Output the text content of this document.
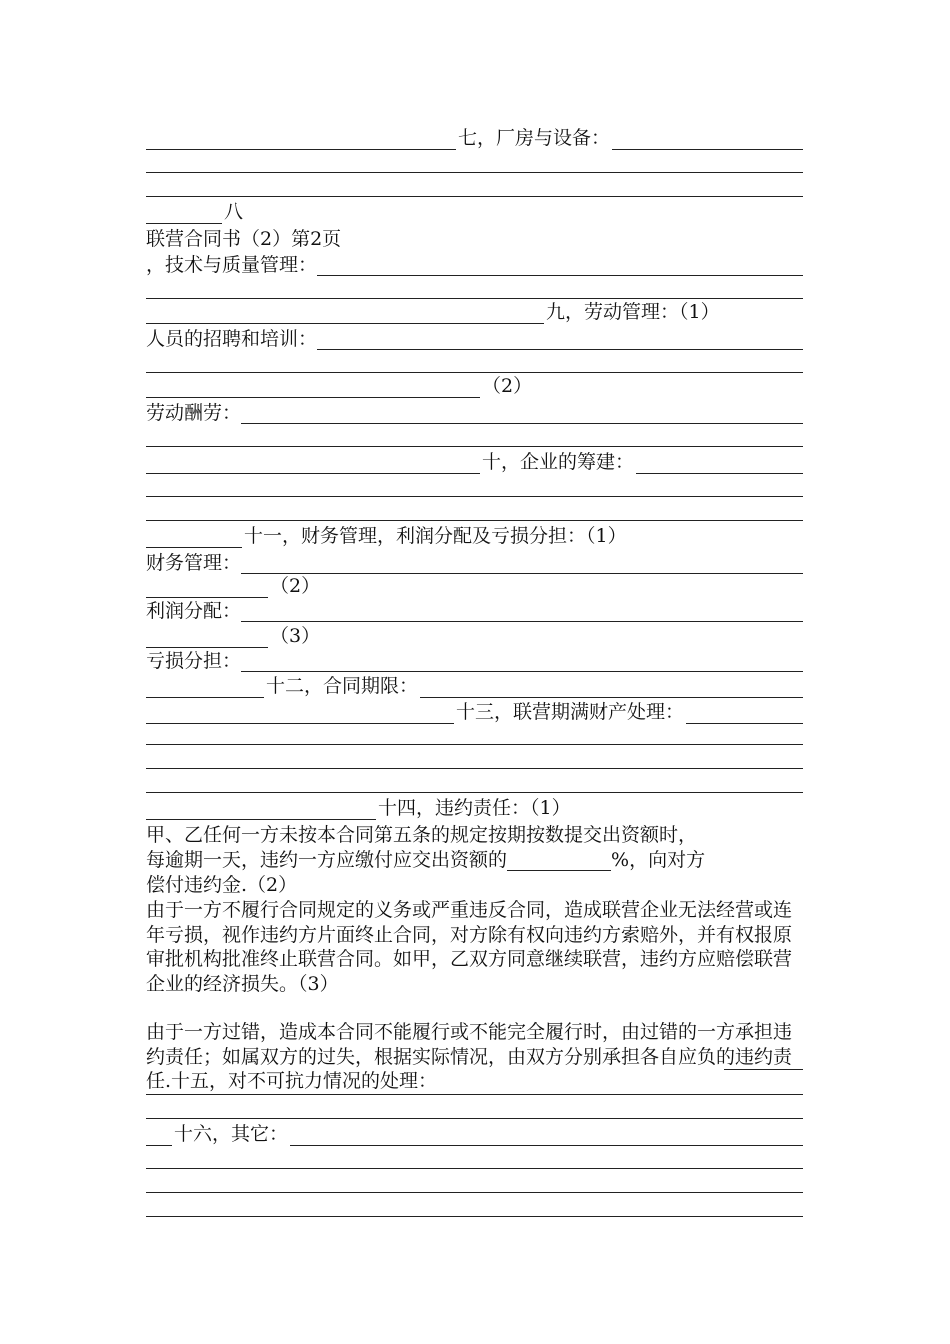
七，厂房与设备：
八
联营合同书（2）第2页
，技术与质量管理：
九，劳动管理：（1）
人员的招聘和培训：
（2）
劳动酬劳：
十，企业的筹建：
十一，财务管理，利润分配及亏损分担：（1）
财务管理：
（2）
利润分配：
（3）
亏损分担：
十二，合同期限：
十三，联营期满财产处理：
十四，违约责任：（1）
甲、乙任何一方未按本合同第五条的规定按期按数提交出资额时，
每逾期一天，违约一方应缴付应交出资额的	%，向对方
偿付违约金.（2）
由于一方不履行合同规定的义务或严重违反合同，造成联营企业无法经营或连年亏损，视作违约方片面终止合同，对方除有权向违约方索赔外，并有权报原审批机构批准终止联营合同。如甲，乙双方同意继续联营，违约方应赔偿联营企业的经济损失。（3）
由于一方过错，造成本合同不能履行或不能完全履行时，由过错的一方承担违约责任；如属双方的过失，根据实际情况，由双方分别承担各自应负的违约责任.十五，对不可抗力情况的处理：
十六，其它：
